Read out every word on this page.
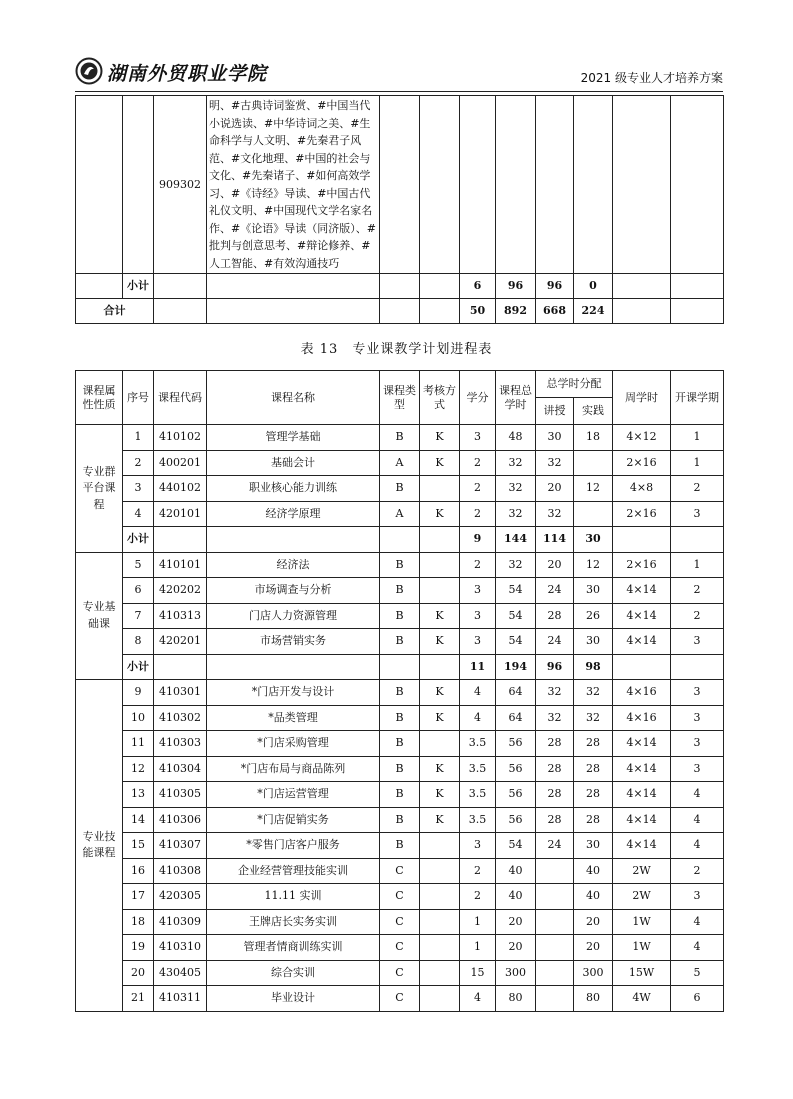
湖南外贸职业学院	2021 级专业人才培养方案
		909302	明、#古典诗词鉴赏、#中国当代小说选读、#中华诗词之美、#生命科学与人文明、#先秦君子风范、#文化地理、#中国的社会与文化、#先秦诸子、#如何高效学习、#《诗经》导读、#中国古代礼仪文明、#中国现代文学名家名作、#《论语》导读（同济版）、#批判与创意思考、#辩论修养、#人工智能、#有效沟通技巧								
	小计					6	96	96	0		
合计						50	892	668	224		
表 13　专业课教学计划进程表
课程属性性质	序号	课程代码	课程名称	课程类型	考核方式	学分	课程总学时	总学时分配		周学时	开课学期
								讲授	实践		
专业群平台课程	1	410102	管理学基础	B	K	3	48	30	18	4×12	1
	2	400201	基础会计	A	K	2	32	32		2×16	1
	3	440102	职业核心能力训练	B		2	32	20	12	4×8	2
	4	420101	经济学原理	A	K	2	32	32		2×16	3
	小计					9	144	114	30		
专业基础课	5	410101	经济法	B		2	32	20	12	2×16	1
	6	420202	市场调查与分析	B		3	54	24	30	4×14	2
	7	410313	门店人力资源管理	B	K	3	54	28	26	4×14	2
	8	420201	市场营销实务	B	K	3	54	24	30	4×14	3
	小计					11	194	96	98		
专业技能课程	9	410301	*门店开发与设计	B	K	4	64	32	32	4×16	3
	10	410302	*品类管理	B	K	4	64	32	32	4×16	3
	11	410303	*门店采购管理	B		3.5	56	28	28	4×14	3
	12	410304	*门店布局与商品陈列	B	K	3.5	56	28	28	4×14	3
	13	410305	*门店运营管理	B	K	3.5	56	28	28	4×14	4
	14	410306	*门店促销实务	B	K	3.5	56	28	28	4×14	4
	15	410307	*零售门店客户服务	B		3	54	24	30	4×14	4
	16	410308	企业经营管理技能实训	C		2	40		40	2W	2
	17	420305	11.11 实训	C		2	40		40	2W	3
	18	410309	王牌店长实务实训	C		1	20		20	1W	4
	19	410310	管理者情商训练实训	C		1	20		20	1W	4
	20	430405	综合实训	C		15	300		300	15W	5
	21	410311	毕业设计	C		4	80		80	4W	6
